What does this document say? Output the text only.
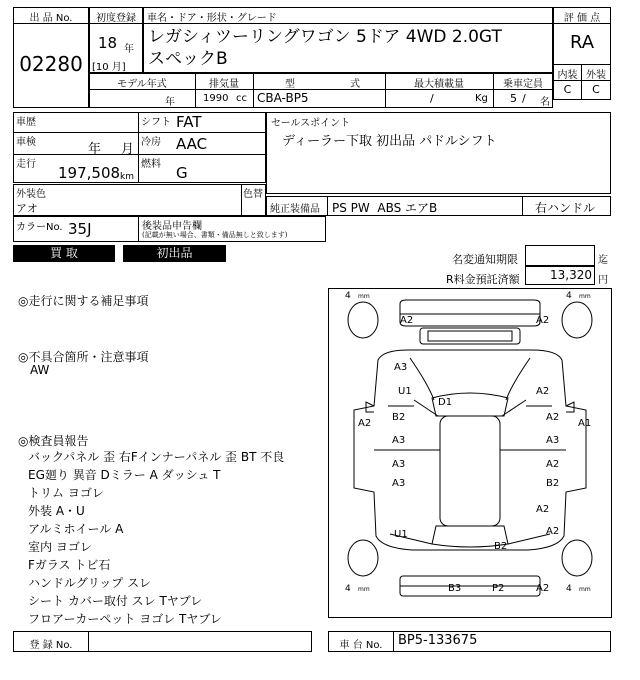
出 品 No.
02280
初度登録
18 年
[10 月]
車名・ドア・形状・グレード
レガシィツーリングワゴン 5ドア 4WD 2.0GT スペックB
モデル年式
年
排気量
1990 cc
型	式
CBA-BP5
最大積載量
/	Kg
乗車定員
5 / 名
評 価 点
RA
内装 外装
C	C
車歴	シフト FAT
車検	年 月 冷房 AAC
走行 197,508 km
燃料 G
外装色
アオ
色替
カラーNo. 35J	後装品申告欄
(記載が無い場合、書類・備品無しと致します)
セールスポイント
ディーラー下取 初出品 パドルシフト
純正装備品 PS PW  ABS エアB	右ハンドル
買 取	初出品	名変通知期限	迄
R料金預託済額	13,320 円
◎走行に関する補足事項
◎不具合箇所・注意事項
AW
◎検査員報告
バックパネル 歪 右Fインナーパネル 歪 BT 不良
EG廻り 異音 Dミラー A ダッシュ T
トリム ヨゴレ
外装 A・U
アルミホイール A
室内 ヨゴレ
Fガラス トビ石
ハンドルグリップ スレ
シート カバー取付 スレ Tヤブレ
フロアーカーペット ヨゴレ Tヤブレ
4 mm	4 mm
4 mm	4 mm
A2	A2
A3
U1	A2
D1
A2
B2
A3
A2
A1
A3
A3	A2
A3	B2
A2
A2
U1
B2
B3	P2	A2
登 録 No.	車 台 No.	BP5-133675
